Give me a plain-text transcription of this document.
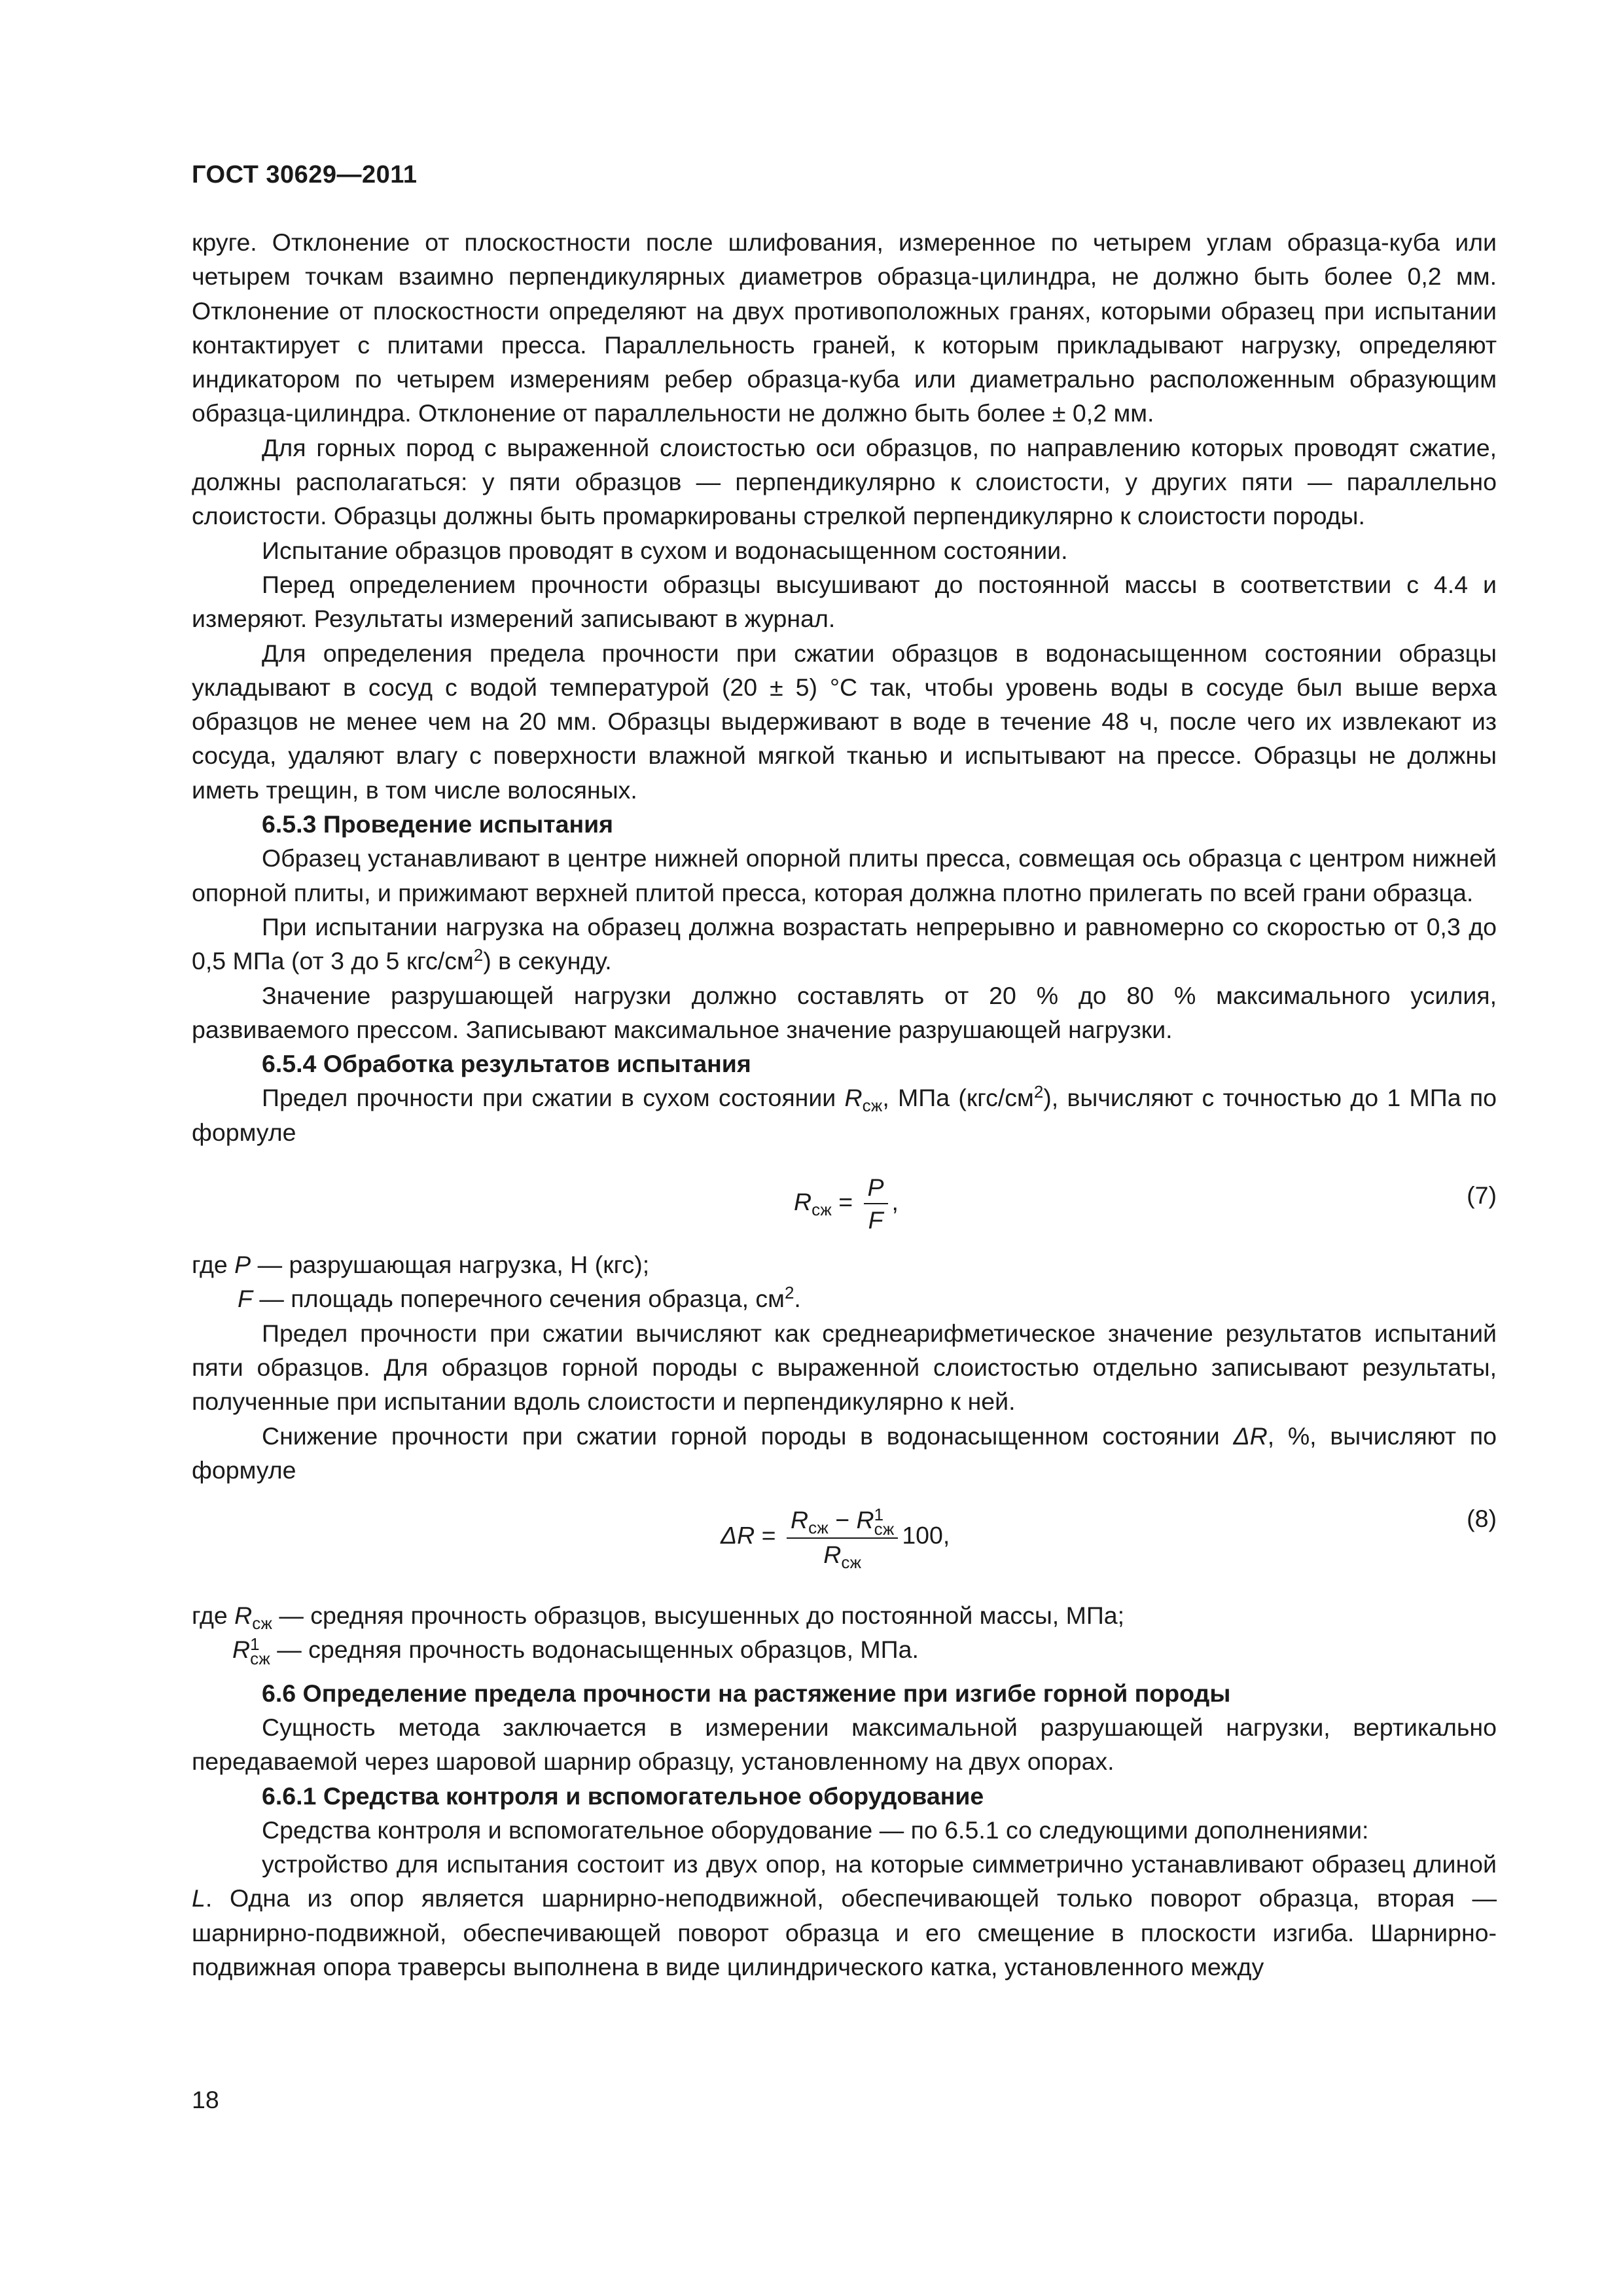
ГОСТ 30629—2011

круге. Отклонение от плоскостности после шлифования, измеренное по четырем углам образца-куба или четырем точкам взаимно перпендикулярных диаметров образца-цилиндра, не должно быть более 0,2 мм. Отклонение от плоскостности определяют на двух противоположных гранях, которыми образец при испытании контактирует с плитами пресса. Параллельность граней, к которым прикладывают нагрузку, определяют индикатором по четырем измерениям ребер образца-куба или диаметрально расположенным образующим образца-цилиндра. Отклонение от параллельности не должно быть более ± 0,2 мм.

Для горных пород с выраженной слоистостью оси образцов, по направлению которых проводят сжатие, должны располагаться: у пяти образцов — перпендикулярно к слоистости, у других пяти — параллельно слоистости. Образцы должны быть промаркированы стрелкой перпендикулярно к слоистости породы.

Испытание образцов проводят в сухом и водонасыщенном состоянии.

Перед определением прочности образцы высушивают до постоянной массы в соответствии с 4.4 и измеряют. Результаты измерений записывают в журнал.

Для определения предела прочности при сжатии образцов в водонасыщенном состоянии образцы укладывают в сосуд с водой температурой (20 ± 5) °С так, чтобы уровень воды в сосуде был выше верха образцов не менее чем на 20 мм. Образцы выдерживают в воде в течение 48 ч, после чего их извлекают из сосуда, удаляют влагу с поверхности влажной мягкой тканью и испытывают на прессе. Образцы не должны иметь трещин, в том числе волосяных.

6.5.3 Проведение испытания

Образец устанавливают в центре нижней опорной плиты пресса, совмещая ось образца с центром нижней опорной плиты, и прижимают верхней плитой пресса, которая должна плотно прилегать по всей грани образца.

При испытании нагрузка на образец должна возрастать непрерывно и равномерно со скоростью от 0,3 до 0,5 МПа (от 3 до 5 кгс/$см^2$) в секунду.

Значение разрушающей нагрузки должно составлять от 20 % до 80 % максимального усилия, развиваемого прессом. Записывают максимальное значение разрушающей нагрузки.

6.5.4 Обработка результатов испытания

Предел прочности при сжатии в сухом состоянии $R_{сж}$, МПа $(кгс/см^2)$, вычисляют с точностью до 1 МПа по формуле

$R_{сж} = \frac{P}{F}$ ,	(7)

где P — разрушающая нагрузка, Н (кгс);

F — площадь поперечного сечения образца, $см^2$.

Предел прочности при сжатии вычисляют как среднеарифметическое значение результатов испытаний пяти образцов. Для образцов горной породы с выраженной слоистостью отдельно записывают результаты, полученные при испытании вдоль слоистости и перпендикулярно к ней.

Снижение прочности при сжатии горной породы в водонасыщенном состоянии ΔR, %, вычисляют по формуле

$\Delta R = R_{сж} - R$ 1
сж
$R_{сж}$ 100,
(8)

где $R_{сж}$ — средняя прочность образцов, высушенных до постоянной массы, МПа;

R 1
сж — средняя прочность водонасыщенных образцов, МПа.

6.6 Определение предела прочности на растяжение при изгибе горной породы

Сущность метода заключается в измерении максимальной разрушающей нагрузки, вертикально передаваемой через шаровой шарнир образцу, установленному на двух опорах.

6.6.1 Средства контроля и вспомогательное оборудование

Средства контроля и вспомогательное оборудование — по 6.5.1 со следующими дополнениями:

устройство для испытания состоит из двух опор, на которые симметрично устанавливают образец длиной L. Одна из опор является шарнирно-неподвижной, обеспечивающей только поворот образца, вторая — шарнирно-подвижной, обеспечивающей поворот образца и его смещение в плоскости изгиба. Шарнирно-подвижная опора траверсы выполнена в виде цилиндрического катка, установленного между

18
